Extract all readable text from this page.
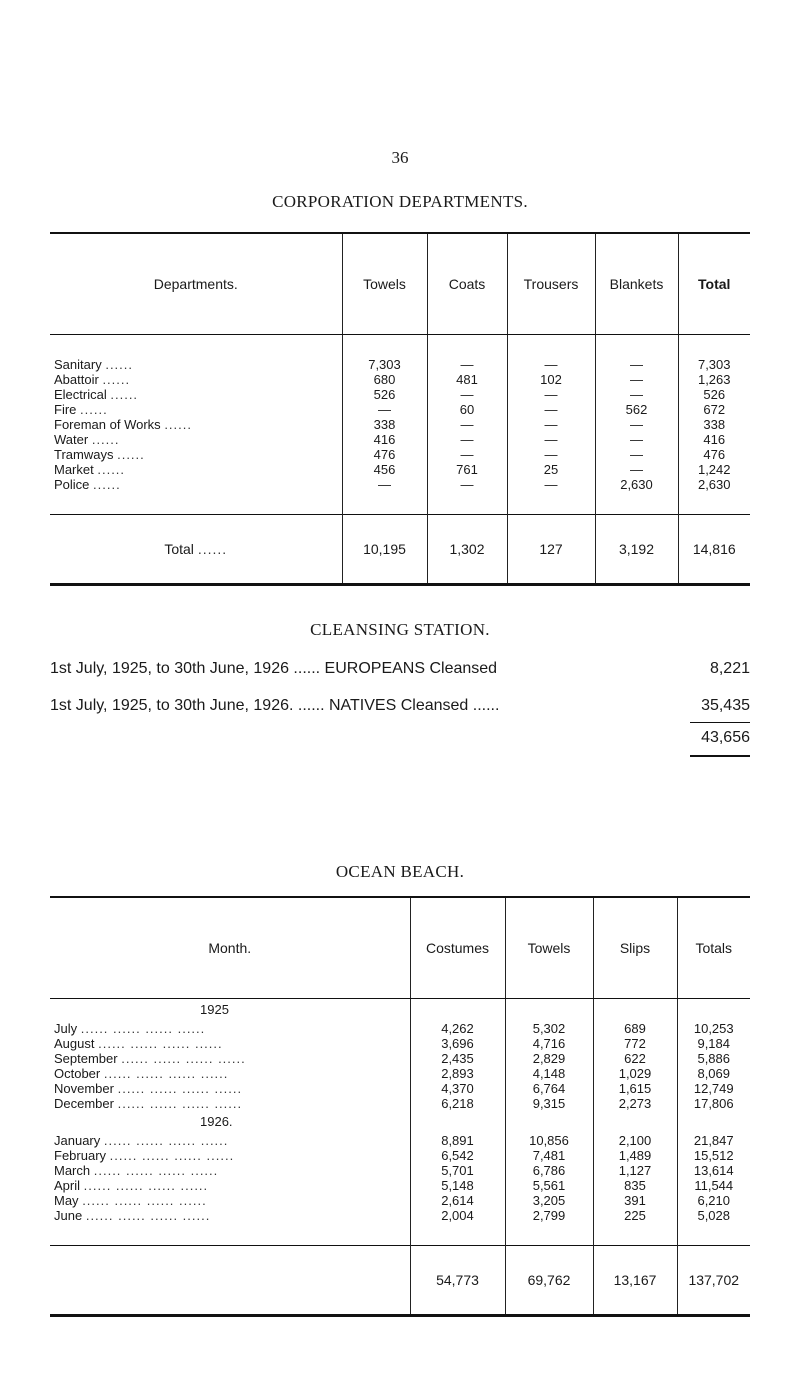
36
CORPORATION DEPARTMENTS.
Departments.	Towels	Coats	Trousers	Blankets	Total

Sanitary ......	7,303	—	—	—	7,303
Abattoir ......	680	481	102	—	1,263
Electrical ......	526	—	—	—	526
Fire ......	—	60	—	562	672
Foreman of Works ......	338	—	—	—	338
Water ......	416	—	—	—	416
Tramways ......	476	—	—	—	476
Market ......	456	761	25	—	1,242
Police ......	—	—	—	2,630	2,630

Total ......	10,195	1,302	127	3,192	14,816
CLEANSING STATION.
1st July, 1925, to 30th June, 1926 ...... EUROPEANS Cleansed	8,221
1st July, 1925, to 30th June, 1926. ...... NATIVES Cleansed ......	35,435
43,656
OCEAN BEACH.
Month.	Costumes	Towels	Slips	Totals
1925				
July ...... ...... ...... ......	4,262	5,302	689	10,253
August ...... ...... ...... ......	3,696	4,716	772	9,184
September ...... ...... ...... ......	2,435	2,829	622	5,886
October ...... ...... ...... ......	2,893	4,148	1,029	8,069
November ...... ...... ...... ......	4,370	6,764	1,615	12,749
December ...... ...... ...... ......	6,218	9,315	2,273	17,806
1926.				
January ...... ...... ...... ......	8,891	10,856	2,100	21,847
February ...... ...... ...... ......	6,542	7,481	1,489	15,512
March ...... ...... ...... ......	5,701	6,786	1,127	13,614
April ...... ...... ...... ......	5,148	5,561	835	11,544
May ...... ...... ...... ......	2,614	3,205	391	6,210
June ...... ...... ...... ......	2,004	2,799	225	5,028

	54,773	69,762	13,167	137,702
